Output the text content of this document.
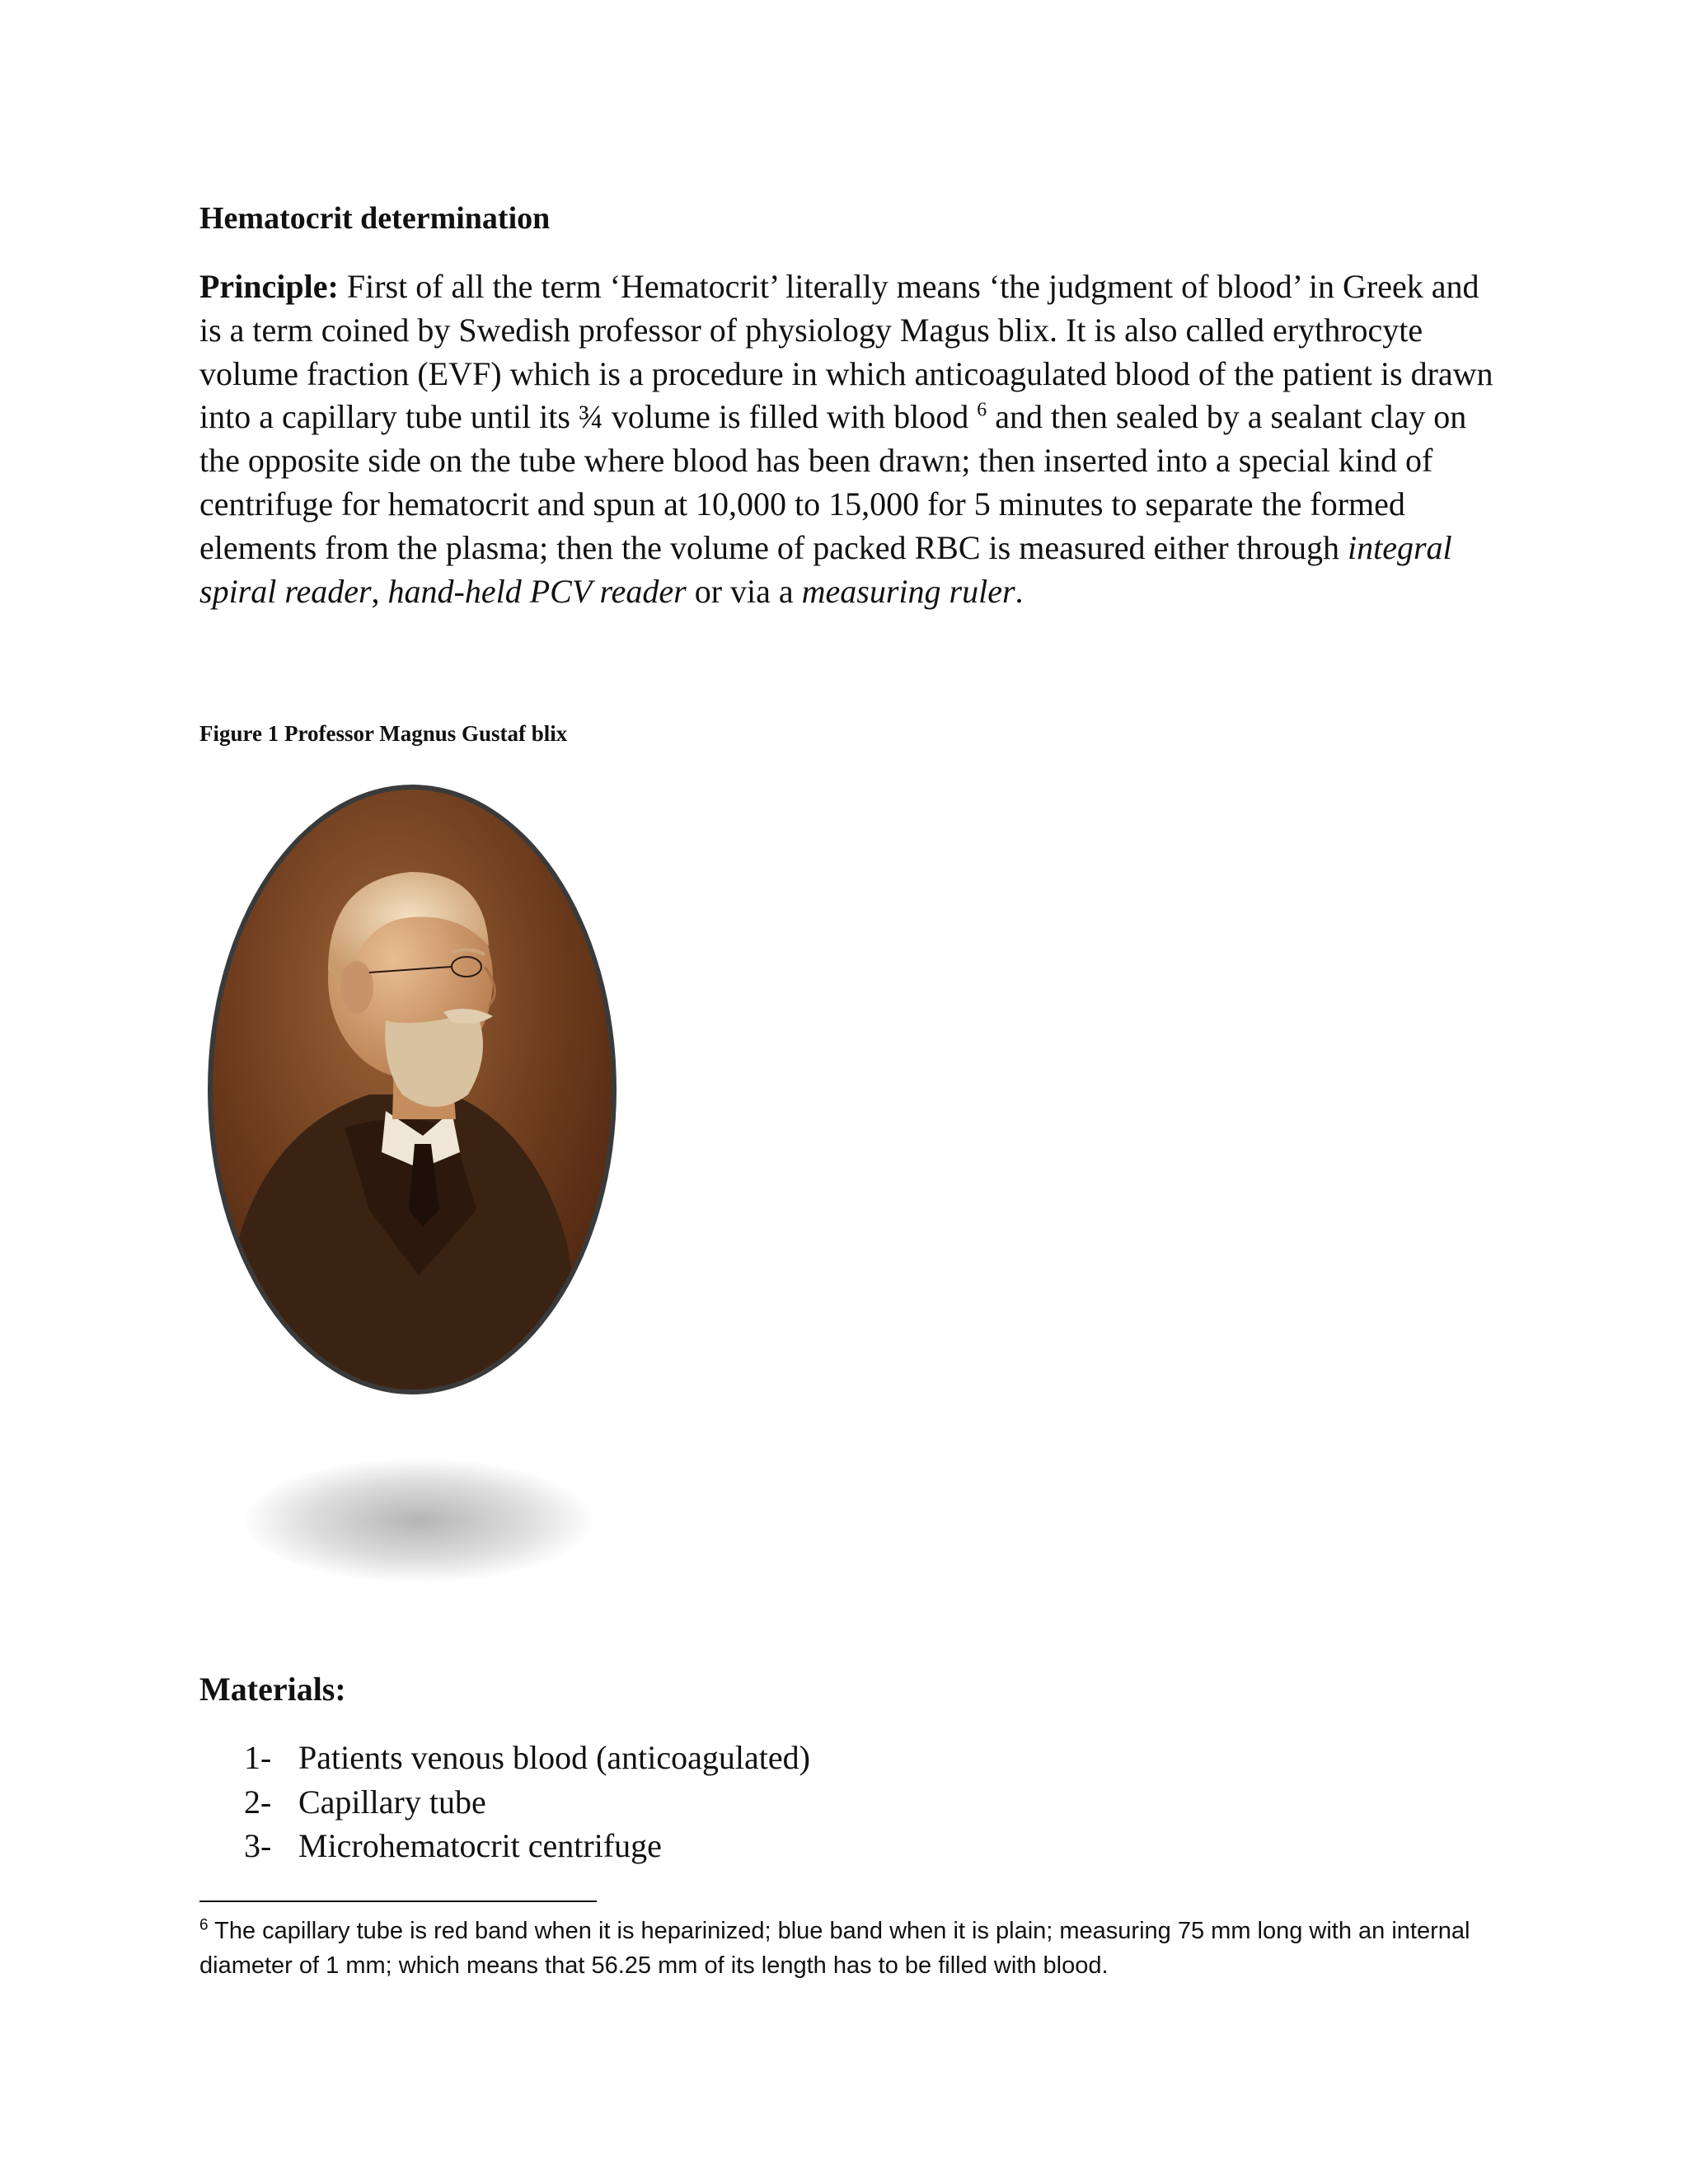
Hematocrit determination

Principle: First of all the term ‘Hematocrit’ literally means ‘the judgment of blood’ in Greek and is a term coined by Swedish professor of physiology Magus blix. It is also called erythrocyte volume fraction (EVF) which is a procedure in which anticoagulated blood of the patient is drawn into a capillary tube until its ¾ volume is filled with blood $^6$ and then sealed by a sealant clay on the opposite side on the tube where blood has been drawn; then inserted into a special kind of centrifuge for hematocrit and spun at 10,000 to 15,000 for 5 minutes to separate the formed elements from the plasma; then the volume of packed RBC is measured either through integral spiral reader, hand-held PCV reader or via a measuring ruler.

Figure 1 Professor Magnus Gustaf blix

Materials:
1- Patients venous blood (anticoagulated)
2- Capillary tube
3- Microhematocrit centrifuge

$^6$ The capillary tube is red band when it is heparinized; blue band when it is plain; measuring 75 mm long with an internal diameter of 1 mm; which means that 56.25 mm of its length has to be filled with blood.
